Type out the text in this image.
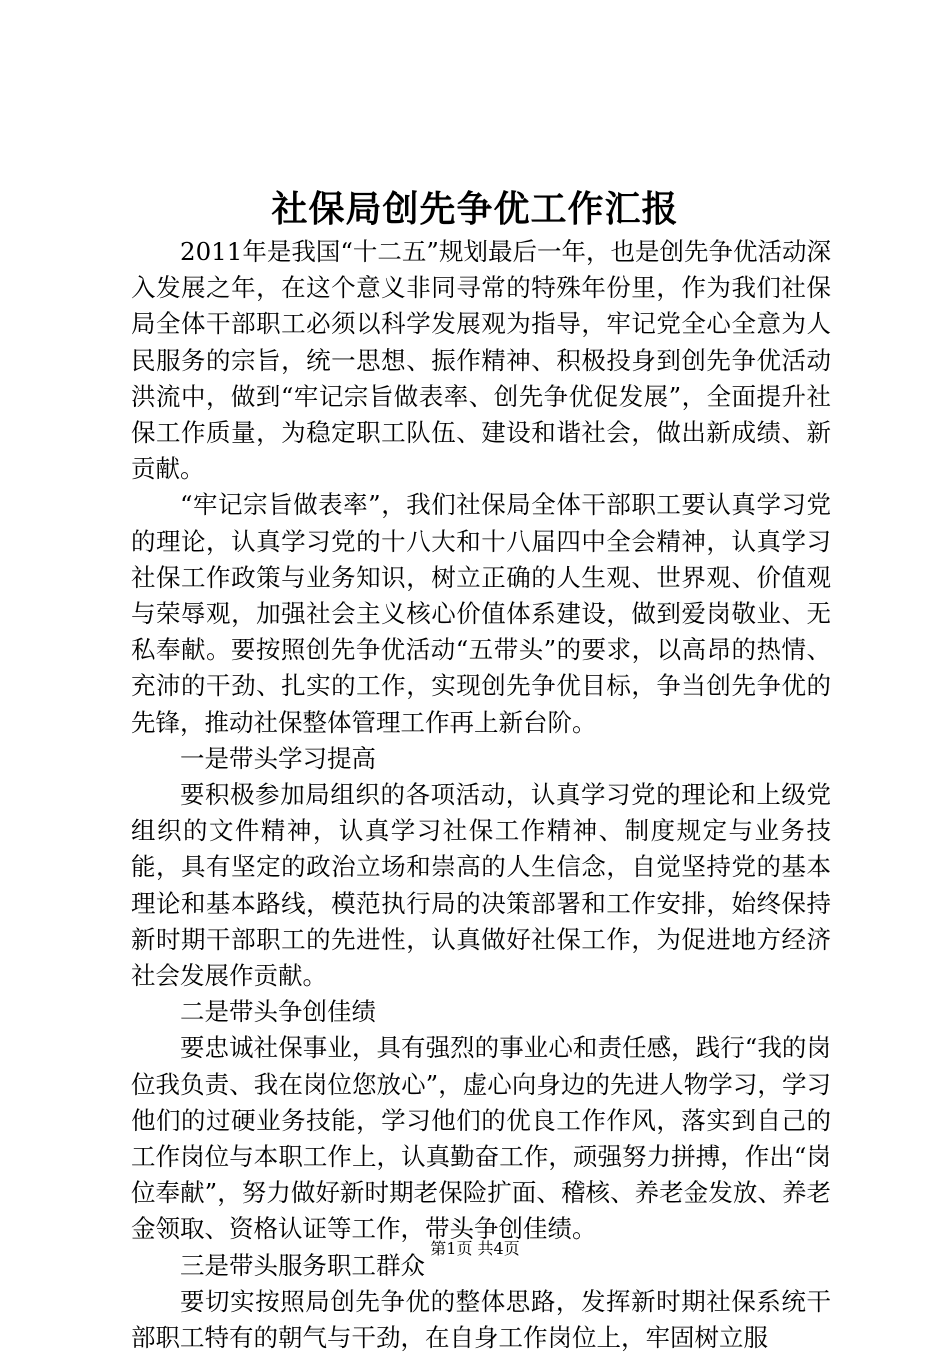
社保局创先争优工作汇报

2011年是我国“十二五”规划最后一年，也是创先争优活动深入发展之年，在这个意义非同寻常的特殊年份里，作为我们社保局全体干部职工必须以科学发展观为指导，牢记党全心全意为人民服务的宗旨，统一思想、振作精神、积极投身到创先争优活动洪流中，做到“牢记宗旨做表率、创先争优促发展”，全面提升社保工作质量，为稳定职工队伍、建设和谐社会，做出新成绩、新贡献。

“牢记宗旨做表率”，我们社保局全体干部职工要认真学习党的理论，认真学习党的十八大和十八届四中全会精神，认真学习社保工作政策与业务知识，树立正确的人生观、世界观、价值观与荣辱观，加强社会主义核心价值体系建设，做到爱岗敬业、无私奉献。要按照创先争优活动“五带头”的要求，以高昂的热情、充沛的干劲、扎实的工作，实现创先争优目标，争当创先争优的先锋，推动社保整体管理工作再上新台阶。

一是带头学习提高

要积极参加局组织的各项活动，认真学习党的理论和上级党组织的文件精神，认真学习社保工作精神、制度规定与业务技能，具有坚定的政治立场和崇高的人生信念，自觉坚持党的基本理论和基本路线，模范执行局的决策部署和工作安排，始终保持新时期干部职工的先进性，认真做好社保工作，为促进地方经济社会发展作贡献。

二是带头争创佳绩

要忠诚社保事业，具有强烈的事业心和责任感，践行“我的岗位我负责、我在岗位您放心”，虚心向身边的先进人物学习，学习他们的过硬业务技能，学习他们的优良工作作风，落实到自己的工作岗位与本职工作上，认真勤奋工作，顽强努力拼搏，作出“岗位奉献”，努力做好新时期老保险扩面、稽核、养老金发放、养老金领取、资格认证等工作，带头争创佳绩。

三是带头服务职工群众

要切实按照局创先争优的整体思路，发挥新时期社保系统干部职工特有的朝气与干劲，在自身工作岗位上，牢固树立服

第1页 共4页
